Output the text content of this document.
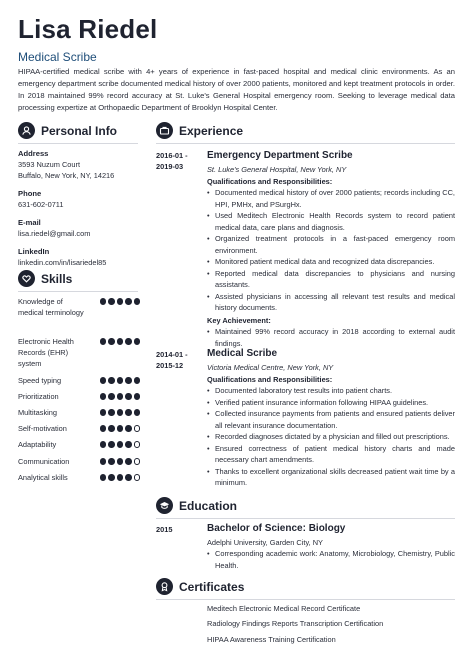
Lisa Riedel
Medical Scribe
HIPAA-certified medical scribe with 4+ years of experience in fast-paced hospital and medical clinic environments. As an emergency department scribe documented medical history of over 2000 patients, monitored and kept treatment protocols in order. In 2018 maintained 99% record accuracy at St. Luke's General Hospital emergency room. Seeking to leverage medical data processing expertize at Orthopaedic Department of Brooklyn Hospital Center.
Personal Info
Address
3593 Nuzum Court
Buffalo, New York, NY, 14216
Phone
631-602-0711
E-mail
lisa.riedel@gmail.com
LinkedIn
linkedin.com/in/lisariedel85
Skills
Knowledge of medical terminology
Electronic Health Records (EHR) system
Speed typing
Prioritization
Multitasking
Self-motivation
Adaptability
Communication
Analytical skills
Experience
2016-01 -
2019-03
Emergency Department Scribe
St. Luke's General Hospital, New York, NY
Qualifications and Responsibilities:
• Documented medical history of over 2000 patients; records including CC, HPI, PMHx, and PSurgHx.
• Used Meditech Electronic Health Records system to record patient medical data, care plans and diagnosis.
• Organized treatment protocols in a fast-paced emergency room environment.
• Monitored patient medical data and recognized data discrepancies.
• Reported medical data discrepancies to physicians and nursing assistants.
• Assisted physicians in accessing all relevant test results and medical history documents.
Key Achievement:
• Maintained 99% record accuracy in 2018 according to external audit findings.
2014-01 -
2015-12
Medical Scribe
Victoria Medical Centre, New York, NY
Qualifications and Responsibilities:
• Documented laboratory test results into patient charts.
• Verified patient insurance information following HIPAA guidelines.
• Collected insurance payments from patients and ensured patients deliver all relevant insurance documentation.
• Recorded diagnoses dictated by a physician and filled out prescriptions.
• Ensured correctness of patient medical history charts and made necessary chart amendments.
• Thanks to excellent organizational skills decreased patient wait time by a minimum.
Education
2015	Bachelor of Science: Biology
Adelphi University, Garden City, NY
• Corresponding academic work: Anatomy, Microbiology, Chemistry, Public Health.
Certificates
Meditech Electronic Medical Record Certificate
Radiology Findings Reports Transcription Certification
HIPAA Awareness Training Certification
